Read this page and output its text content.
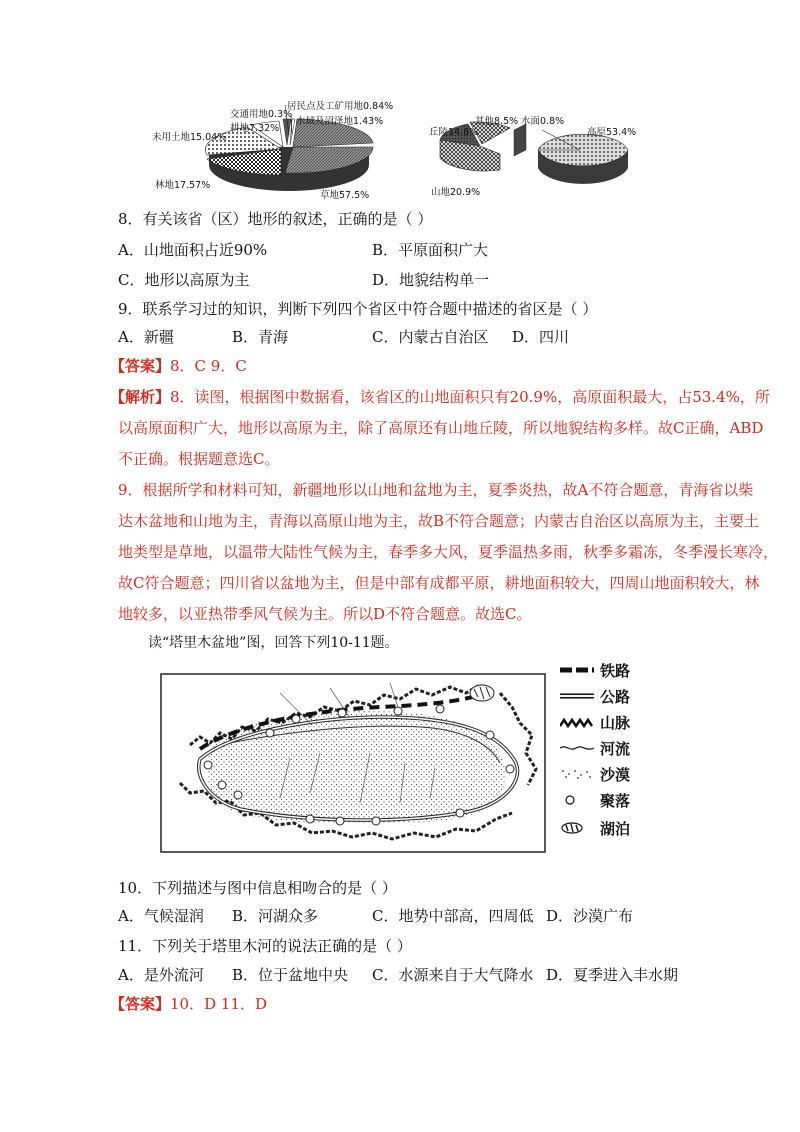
交通用地0.3%
居民点及工矿用地0.84%
耕地7.32%
水域及沼泽地1.43%
未用土地15.04%
林地17.57%
草地57.5%
其他8.5% 水面0.8%
丘陵14.6%	高原53.4%
山地20.9%
8．有关该省（区）地形的叙述，正确的是（ ）
A．山地面积占近90%	B．平原面积广大
C．地形以高原为主	D．地貌结构单一
9．联系学习过的知识，判断下列四个省区中符合题中描述的省区是（ ）
A．新疆	B．青海	C．内蒙古自治区 D．四川
【答案】8．C 9．C
【解析】8．读图，根据图中数据看，该省区的山地面积只有20.9%，高原面积最大，占53.4%，所
以高原面积广大，地形以高原为主，除了高原还有山地丘陵，所以地貌结构多样。故C正确，ABD
不正确。根据题意选C。
9．根据所学和材料可知，新疆地形以山地和盆地为主，夏季炎热，故A不符合题意，青海省以柴
达木盆地和山地为主，青海以高原山地为主，故B不符合题意；内蒙古自治区以高原为主，主要土
地类型是草地，以温带大陆性气候为主，春季多大风，夏季温热多雨，秋季多霜冻，冬季漫长寒冷，
故C符合题意；四川省以盆地为主，但是中部有成都平原，耕地面积较大，四周山地面积较大，林
地较多，以亚热带季风气候为主。所以D不符合题意。故选C。
读“塔里木盆地”图，回答下列10-11题。
铁路
公路
山脉
河流
沙漠
聚落
湖泊
10．下列描述与图中信息相吻合的是（ ）
A．气候湿润 B．河湖众多	C．地势中部高，四周低 D．沙漠广布
11．下列关于塔里木河的说法正确的是（ ）
A．是外流河 B．位于盆地中央 C．水源来自于大气降水 D．夏季进入丰水期
【答案】10．D 11．D
